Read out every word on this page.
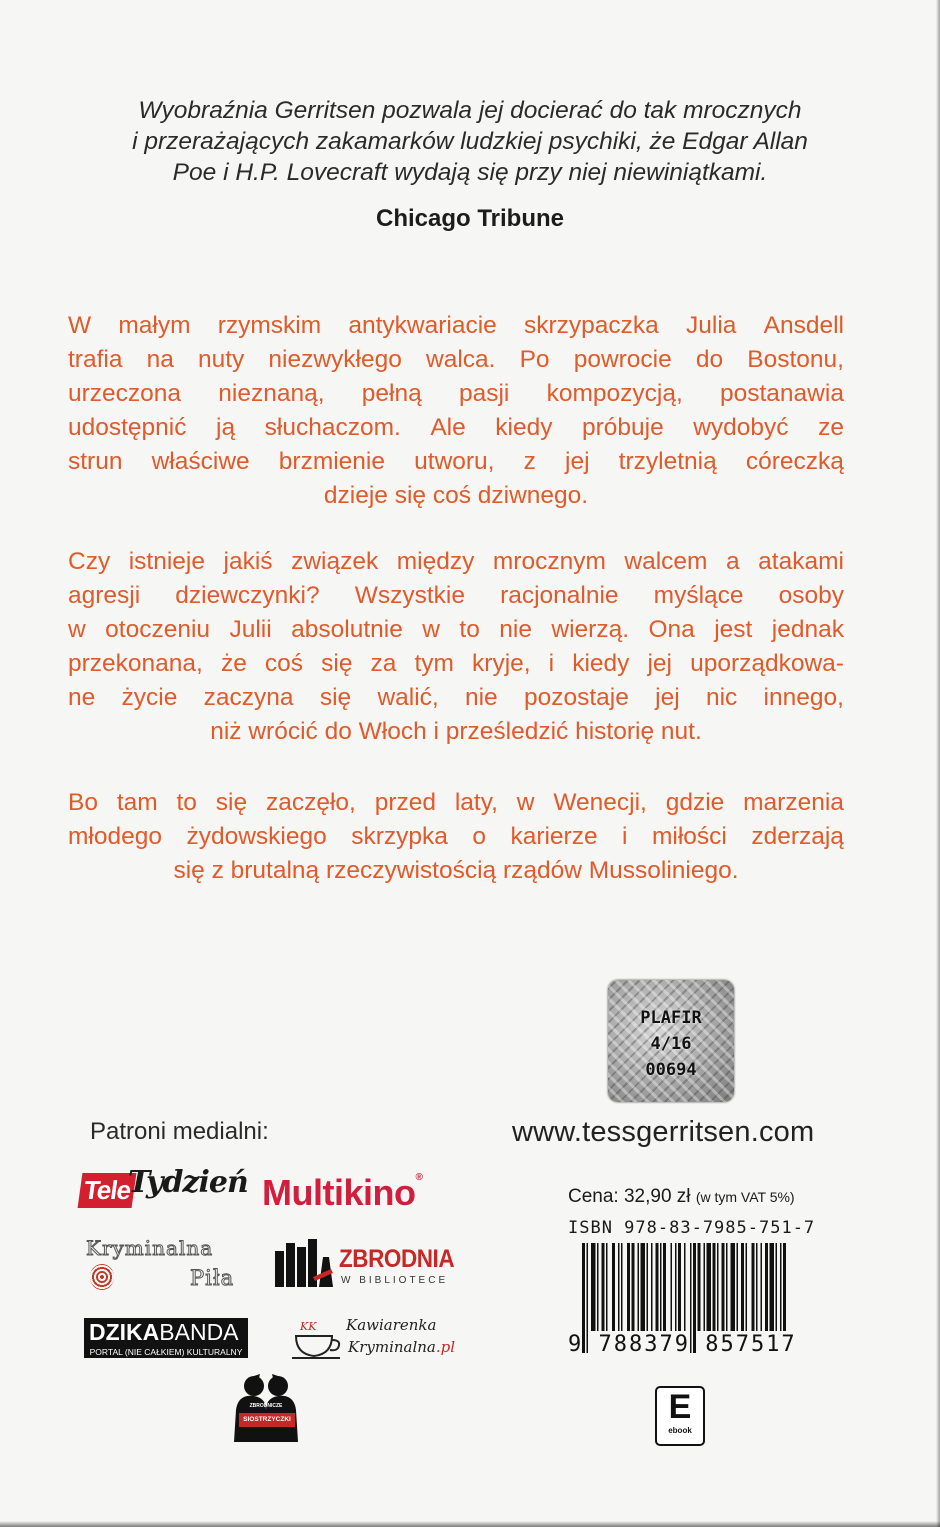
Wyobraźnia Gerritsen pozwala jej docierać do tak mrocznych
i przerażających zakamarków ludzkiej psychiki, że Edgar Allan
Poe i H.P. Lovecraft wydają się przy niej niewiniątkami.
Chicago Tribune
W małym rzymskim antykwariacie skrzypaczka Julia Ansdell
trafia na nuty niezwykłego walca. Po powrocie do Bostonu,
urzeczona nieznaną, pełną pasji kompozycją, postanawia
udostępnić ją słuchaczom. Ale kiedy próbuje wydobyć ze
strun właściwe brzmienie utworu, z jej trzyletnią córeczką
dzieje się coś dziwnego.
Czy istnieje jakiś związek między mrocznym walcem a atakami
agresji dziewczynki? Wszystkie racjonalnie myślące osoby
w otoczeniu Julii absolutnie w to nie wierzą. Ona jest jednak
przekonana, że coś się za tym kryje, i kiedy jej uporządkowa-
ne życie zaczyna się walić, nie pozostaje jej nic innego,
niż wrócić do Włoch i prześledzić historię nut.
Bo tam to się zaczęło, przed laty, w Wenecji, gdzie marzenia
młodego żydowskiego skrzypka o karierze i miłości zderzają
się z brutalną rzeczywistością rządów Mussoliniego.
PLAFIR
4/16
00694
Patroni medialni:	www.tessgerritsen.com
Tele
Tydzień Multikino®
Kryminalna
Piła
ZBRODNIA
W BIBLIOTECE
DZIKABANDA
PORTAL (NIE CAŁKIEM) KULTURALNY
KK Kawiarenka
Kryminalna.pl
ZBRODNICZE
SIOSTRZYCZKI
Cena: 32,90 zł (w tym VAT 5%)
ISBN 978-83-7985-751-7
9 788379 857517
E
ebook
